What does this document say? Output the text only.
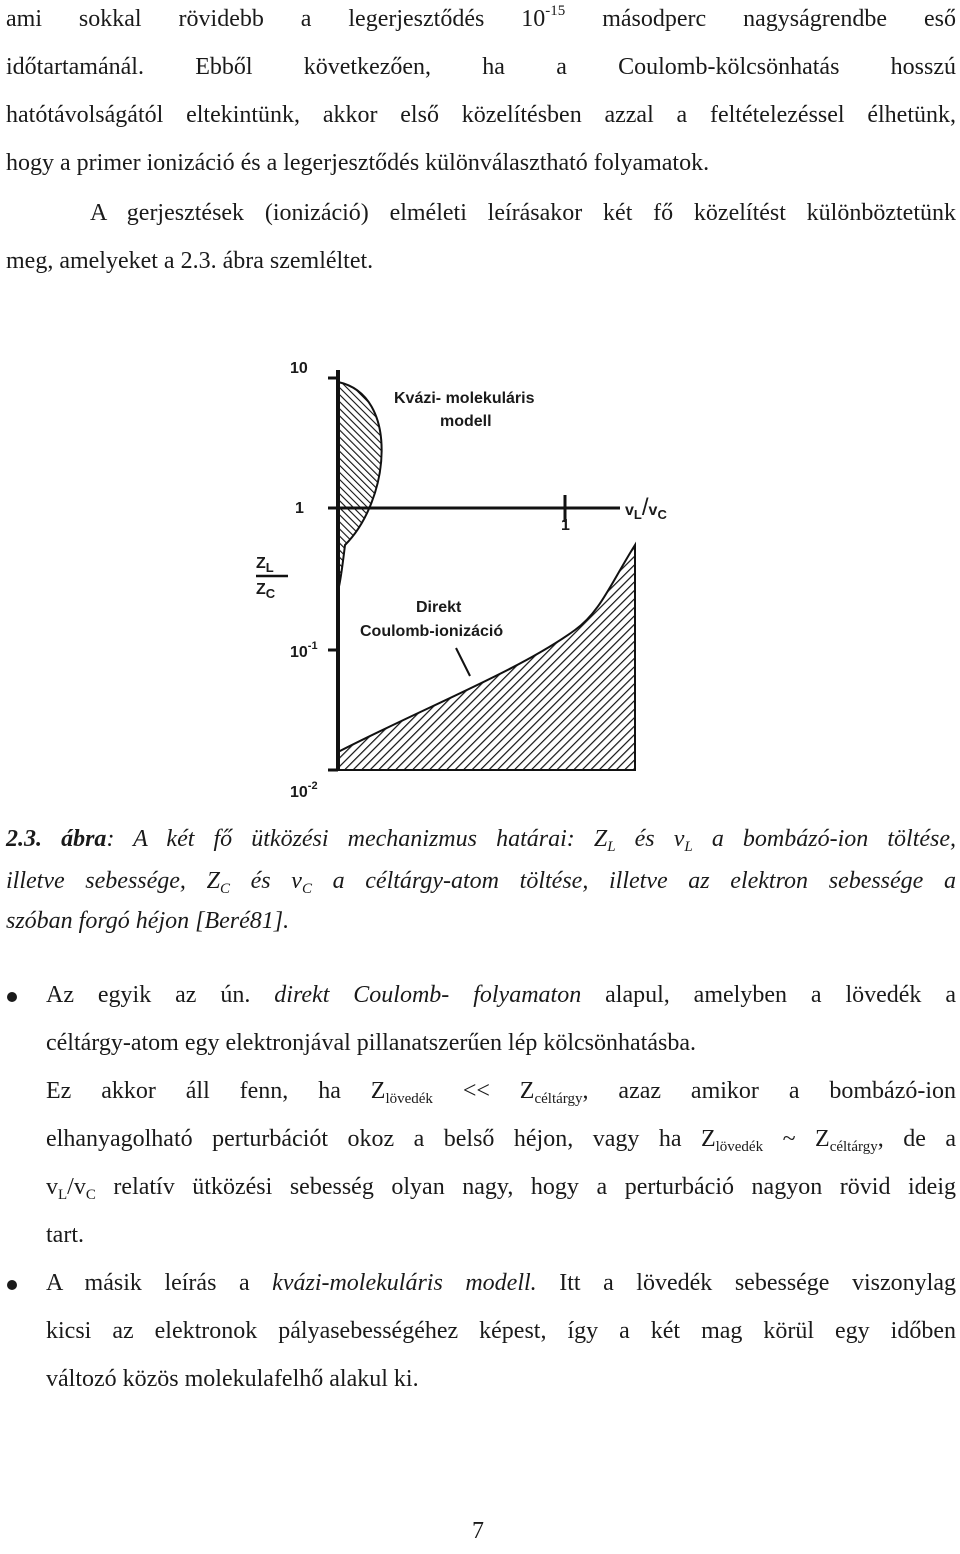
ami sokkal rövidebb a legerjesztődés $10^{-15}$ másodperc nagyságrendbe eső
időtartamánál. Ebből következően, ha a Coulomb-kölcsönhatás hosszú
hatótávolságától eltekintünk, akkor első közelítésben azzal a feltételezéssel élhetünk,
hogy a primer ionizáció és a legerjesztődés különválasztható folyamatok.
A gerjesztések (ionizáció) elméleti leírásakor két fő közelítést különböztetünk
meg, amelyeket a 2.3. ábra szemléltet.
10
1
$10^{-1}$
$10^{-2}$
1
$Z_L$
$Z_C$
$v_L/v_C$
Kvázi- molekuláris
modell
Direkt
Coulomb-ionizáció
2.3. ábra: A két fő ütközési mechanizmus határai: $Z_L$ és $v_L$ a bombázó-ion töltése,
illetve sebessége, $Z_C$ és $v_C$ a céltárgy-atom töltése, illetve az elektron sebessége a
szóban forgó héjon [Beré81].
Az egyik az ún. direkt Coulomb- folyamaton alapul, amelyben a lövedék a
céltárgy-atom egy elektronjával pillanatszerűen lép kölcsönhatásba.
Ez akkor áll fenn, ha $Z_{lövedék} << Z_{céltárgy}$, azaz amikor a bombázó-ion
elhanyagolható perturbációt okoz a belső héjon, vagy ha $Z_{lövedék}$ ~ $Z_{céltárgy}$, de a
$v_L/v_C$ relatív ütközési sebesség olyan nagy, hogy a perturbáció nagyon rövid ideig
tart.
A másik leírás a kvázi-molekuláris modell. Itt a lövedék sebessége viszonylag
kicsi az elektronok pályasebességéhez képest, így a két mag körül egy időben
változó közös molekulafelhő alakul ki.
7
